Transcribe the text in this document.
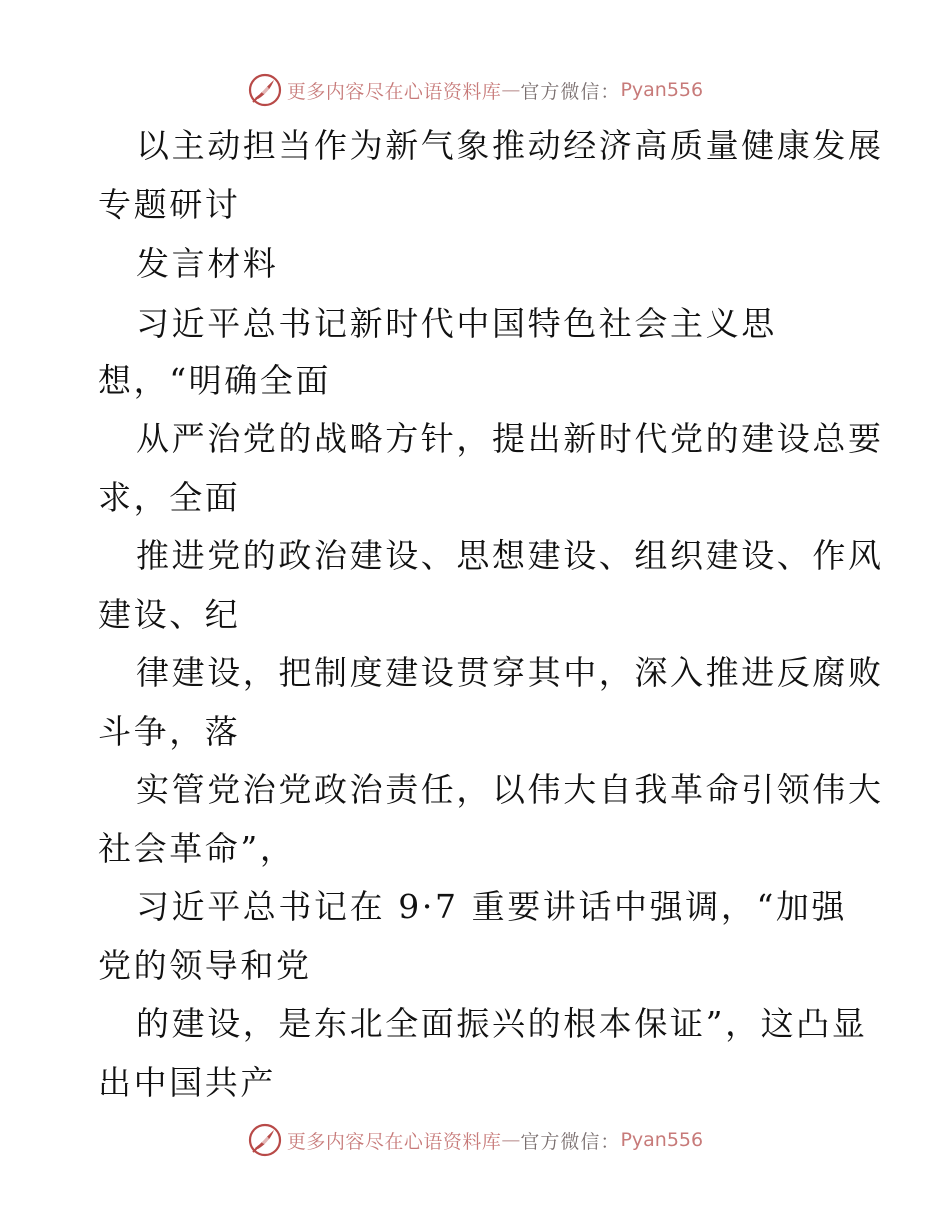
更多内容尽在心语资料库 — 官方微信： Pyan556
以主动担当作为新气象推动经济高质量健康发展
专题研讨
发言材料
习近平总书记新时代中国特色社会主义思
想，“明确全面
从严治党的战略方针，提出新时代党的建设总要
求，全面
推进党的政治建设、思想建设、组织建设、作风
建设、纪
律建设，把制度建设贯穿其中，深入推进反腐败
斗争，落
实管党治党政治责任，以伟大自我革命引领伟大
社会革命”，
习近平总书记在 9·7 重要讲话中强调，“加强
党的领导和党
的建设，是东北全面振兴的根本保证”，这凸显
出中国共产
更多内容尽在心语资料库 — 官方微信： Pyan556
